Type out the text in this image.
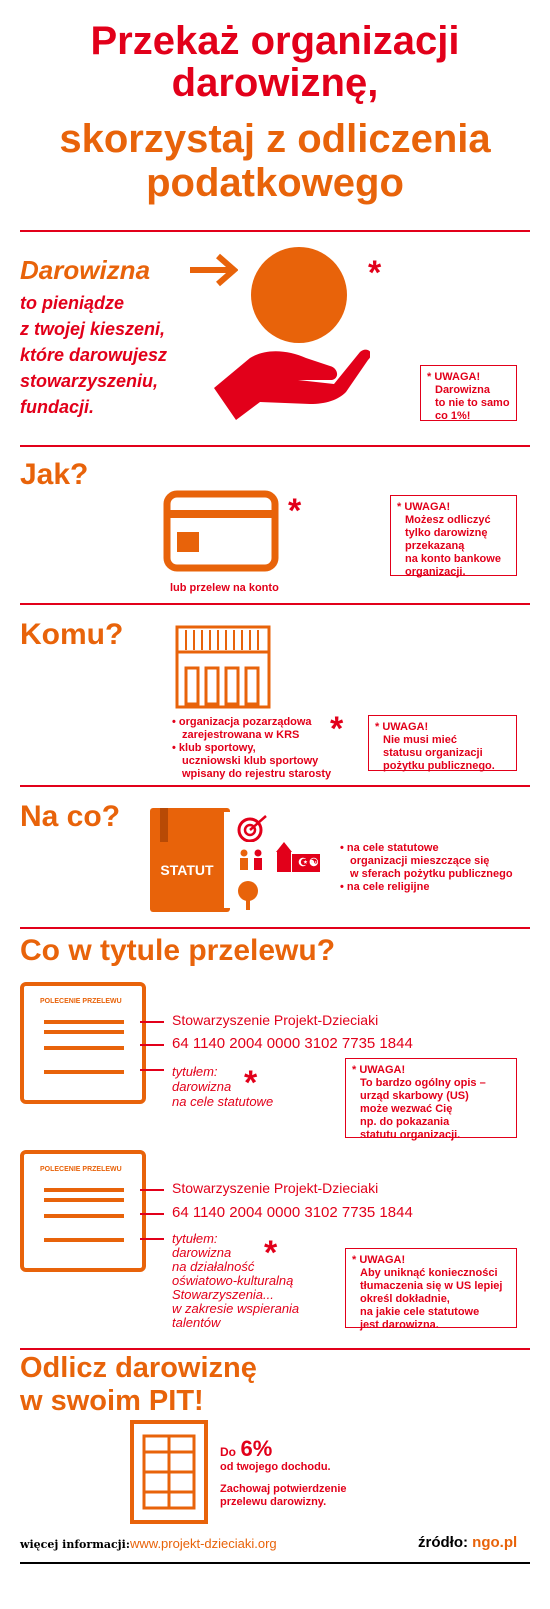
Przekaż organizacji
darowiznę,
skorzystaj z odliczenia
podatkowego
Darowizna
to pieniądze
z twojej kieszeni,
które darowujesz
stowarzyszeniu,
fundacji.
*
* UWAGA!
Darowizna
to nie to samo
co 1%!
Jak?
lub przelew na konto
*	* UWAGA!
Możesz odliczyć
tylko darowiznę
przekazaną
na konto bankowe
organizacji.
Komu?
• organizacja pozarządowa
zarejestrowana w KRS
• klub sportowy,
uczniowski klub sportowy
wpisany do rejestru starosty
*	* UWAGA!
Nie musi mieć
statusu organizacji
pożytku publicznego.
Na co?
STATUT	☪☯☦
• na cele statutowe
organizacji mieszczące się
w sferach pożytku publicznego
• na cele religijne
Co w tytule przelewu?
POLECENIE PRZELEWU
Stowarzyszenie Projekt-Dzieciaki
64 1140 2004 0000 3102 7735 1844
tytułem:
darowizna
na cele statutowe
*	* UWAGA!
To bardzo ogólny opis –
urząd skarbowy (US)
może wezwać Cię
np. do pokazania
statutu organizacji.
POLECENIE PRZELEWU
Stowarzyszenie Projekt-Dzieciaki
64 1140 2004 0000 3102 7735 1844
tytułem:
darowizna
na działalność
oświatowo-kulturalną
Stowarzyszenia...
w zakresie wspierania
talentów
*	* UWAGA!
Aby uniknąć konieczności
tłumaczenia się w US lepiej
określ dokładnie,
na jakie cele statutowe
jest darowizna.
Odlicz darowiznę
w swoim PIT!
Do 6%
od twojego dochodu.
Zachowaj potwierdzenie
przelewu darowizny.
więcej informacji: www.projekt-dzieciaki.org	źródło: ngo.pl
